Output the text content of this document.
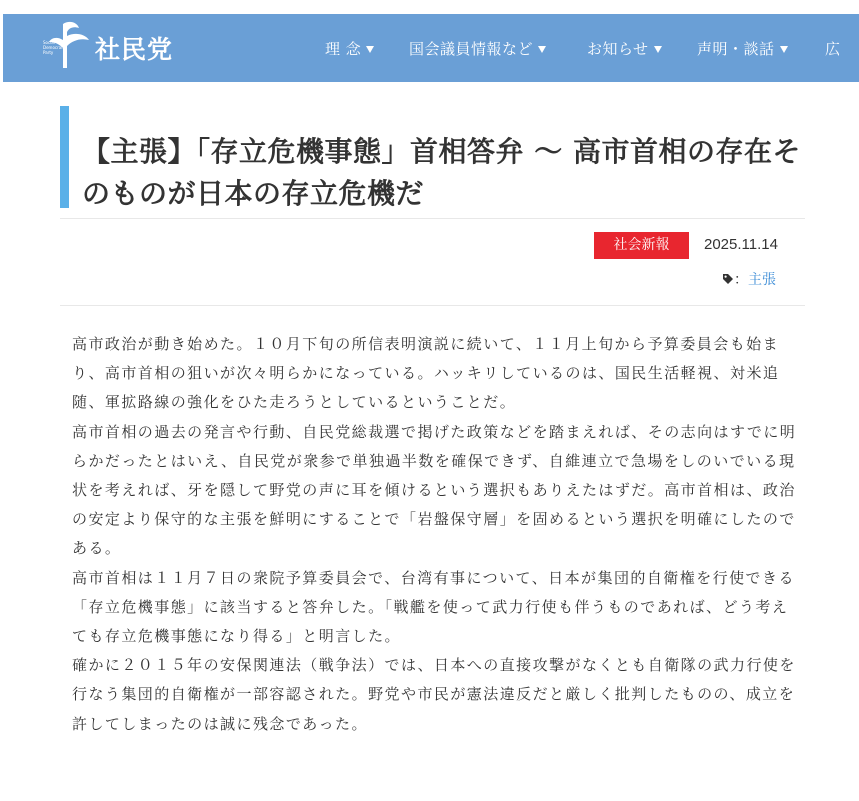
Social Democratic Party	社民党	理 念	国会議員情報など	お知らせ	声明・談話	広
【主張】「存立危機事態」首相答弁 〜 高市首相の存在そのものが日本の存立危機だ
社会新報	2025.11.14
：主張

高市政治が動き始めた。１０月下旬の所信表明演説に続いて、１１月上旬から予算委員会も始まり、高市首相の狙いが次々明らかになっている。ハッキリしているのは、国民生活軽視、対米追随、軍拡路線の強化をひた走ろうとしているということだ。

高市首相の過去の発言や行動、自民党総裁選で掲げた政策などを踏まえれば、その志向はすでに明らかだったとはいえ、自民党が衆参で単独過半数を確保できず、自維連立で急場をしのいでいる現状を考えれば、牙を隠して野党の声に耳を傾けるという選択もありえたはずだ。高市首相は、政治の安定より保守的な主張を鮮明にすることで「岩盤保守層」を固めるという選択を明確にしたのである。

高市首相は１１月７日の衆院予算委員会で、台湾有事について、日本が集団的自衛権を行使できる「存立危機事態」に該当すると答弁した。「戦艦を使って武力行使も伴うものであれば、どう考えても存立危機事態になり得る」と明言した。

確かに２０１５年の安保関連法（戦争法）では、日本への直接攻撃がなくとも自衛隊の武力行使を行なう集団的自衛権が一部容認された。野党や市民が憲法違反だと厳しく批判したものの、成立を許してしまったのは誠に残念であった。
